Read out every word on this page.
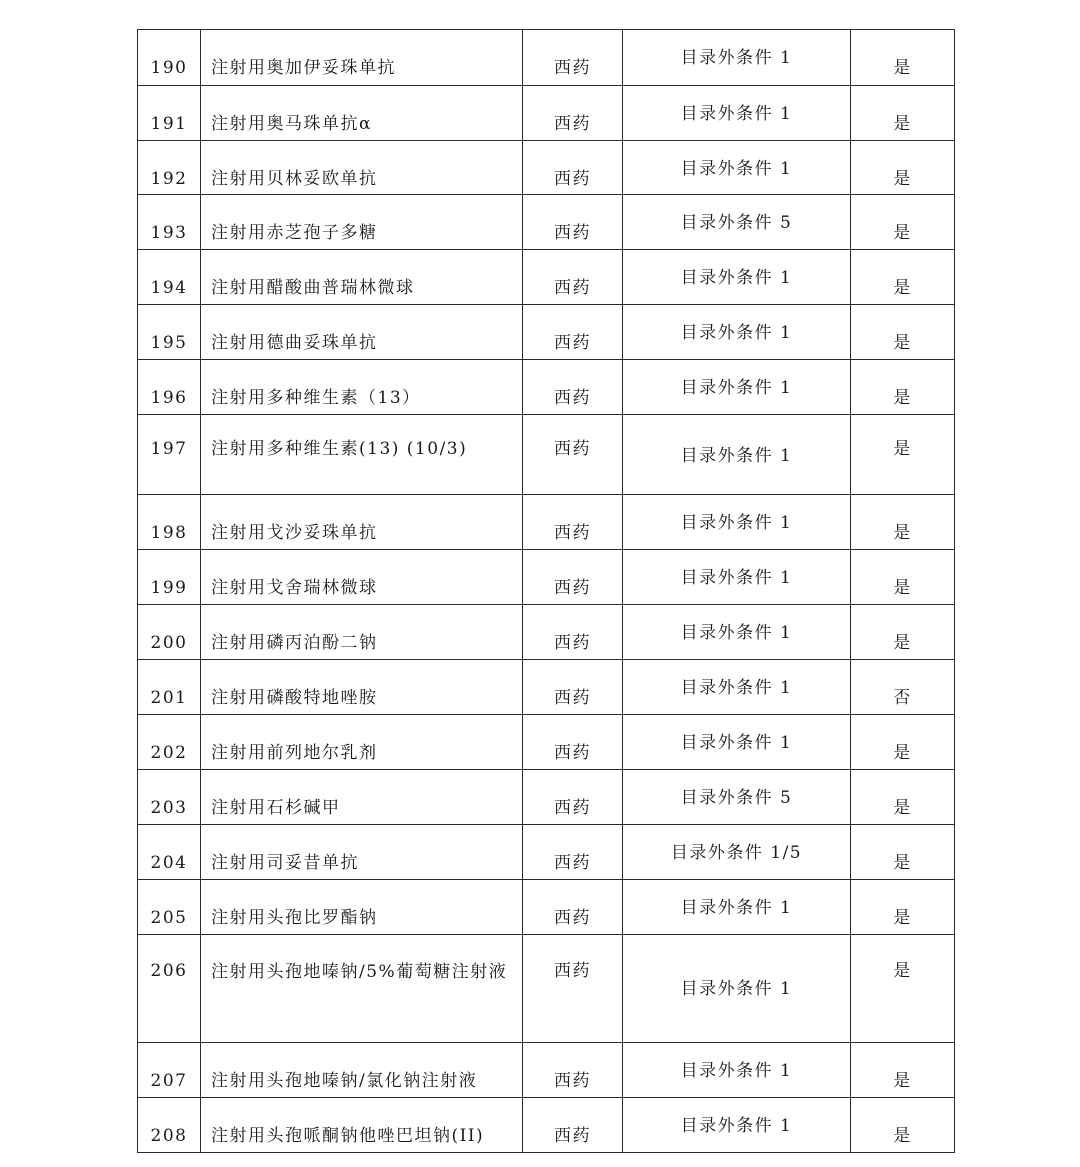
190	注射用奥加伊妥珠单抗	西药	目录外条件 1	是
191	注射用奥马珠单抗α	西药	目录外条件 1	是
192	注射用贝林妥欧单抗	西药	目录外条件 1	是
193	注射用赤芝孢子多糖	西药	目录外条件 5	是
194	注射用醋酸曲普瑞林微球	西药	目录外条件 1	是
195	注射用德曲妥珠单抗	西药	目录外条件 1	是
196	注射用多种维生素（13）	西药	目录外条件 1	是
197	注射用多种维生素(13) (10/3)	西药	目录外条件 1	是
198	注射用戈沙妥珠单抗	西药	目录外条件 1	是
199	注射用戈舍瑞林微球	西药	目录外条件 1	是
200	注射用磷丙泊酚二钠	西药	目录外条件 1	是
201	注射用磷酸特地唑胺	西药	目录外条件 1	否
202	注射用前列地尔乳剂	西药	目录外条件 1	是
203	注射用石杉碱甲	西药	目录外条件 5	是
204	注射用司妥昔单抗	西药	目录外条件 1/5	是
205	注射用头孢比罗酯钠	西药	目录外条件 1	是
206	注射用头孢地嗪钠/5%葡萄糖注射液	西药	目录外条件 1	是
207	注射用头孢地嗪钠/氯化钠注射液	西药	目录外条件 1	是
208	注射用头孢哌酮钠他唑巴坦钠(II)	西药	目录外条件 1	是
